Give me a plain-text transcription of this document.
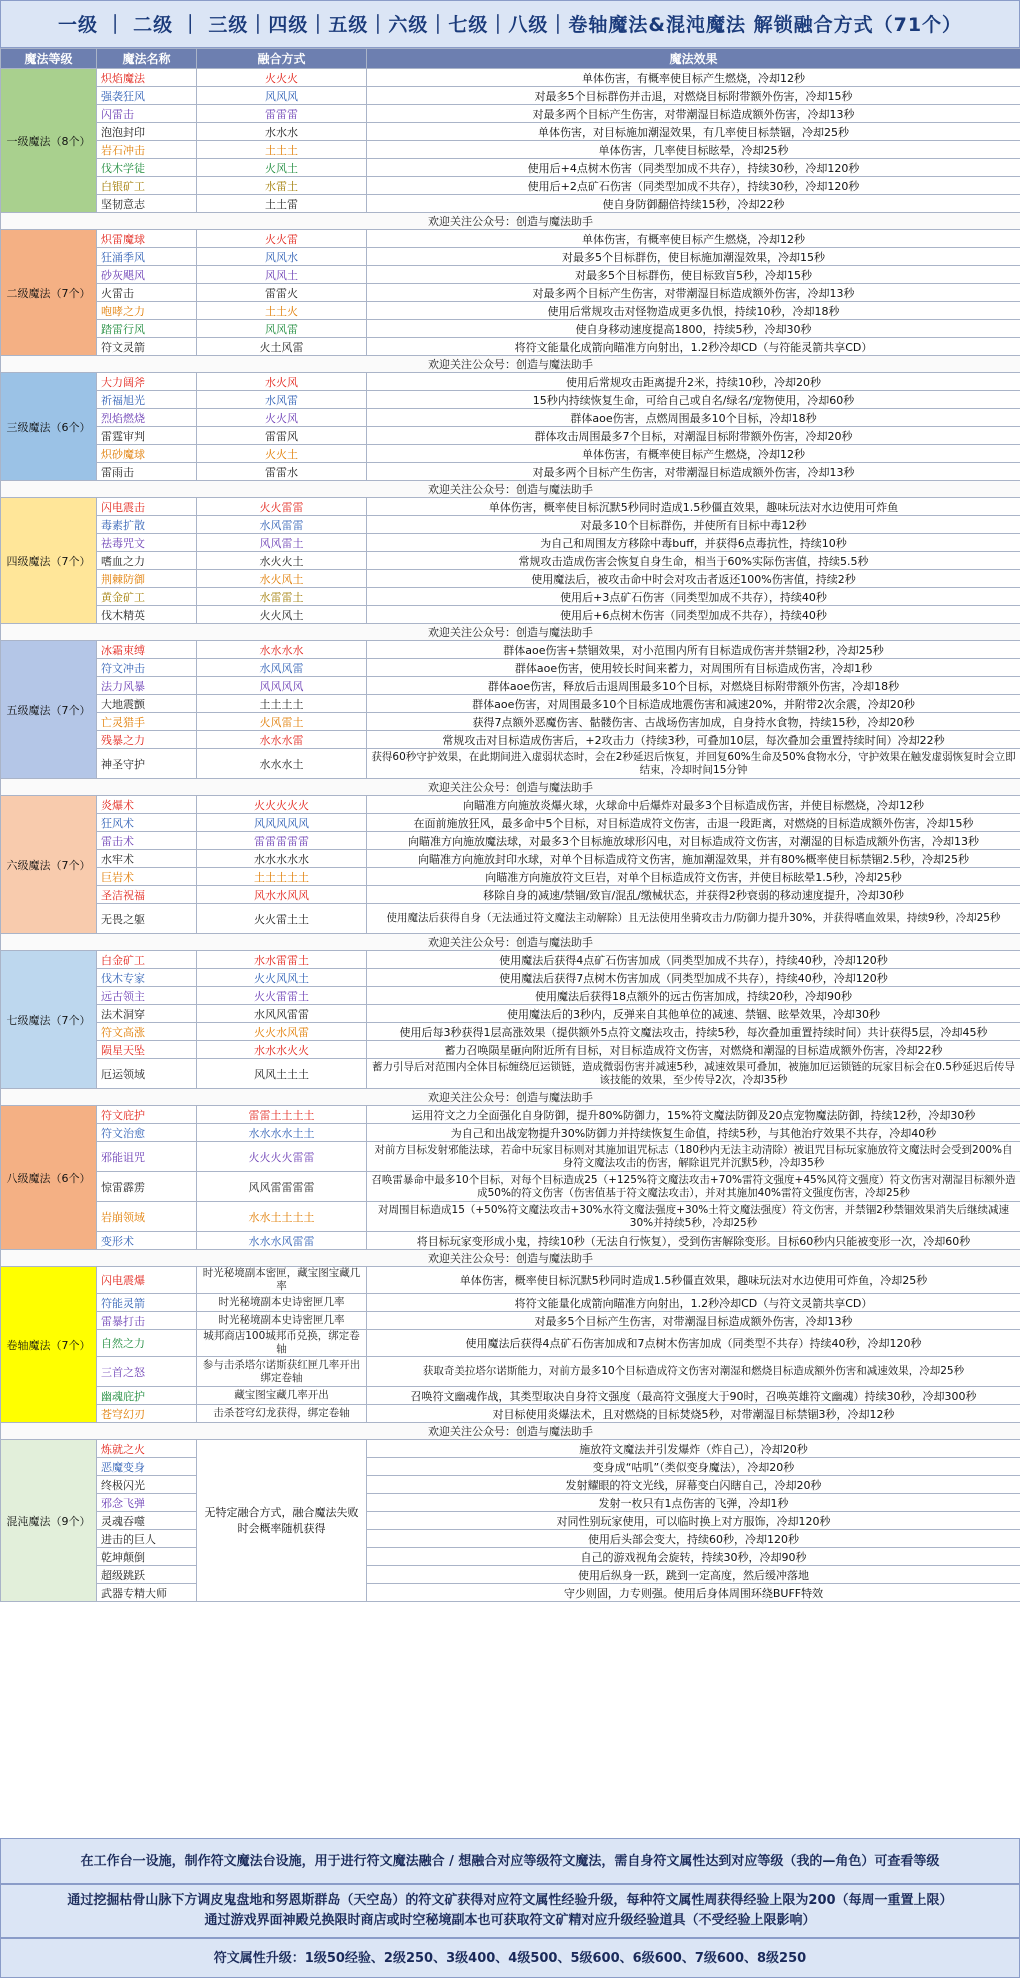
一级 ｜ 二级 ｜ 三级｜四级｜五级｜六级｜七级｜八级｜卷轴魔法&混沌魔法 解锁融合方式（71个）
魔法等级	魔法名称	融合方式	魔法效果
一级魔法（8个）	炽焰魔法	火火火	单体伤害，有概率使目标产生燃烧，冷却12秒
	强袭狂风	风风风	对最多5个目标群伤并击退，对燃烧目标附带额外伤害，冷却15秒
	闪雷击	雷雷雷	对最多两个目标产生伤害，对带潮湿目标造成额外伤害，冷却13秒
	泡泡封印	水水水	单体伤害，对目标施加潮湿效果，有几率使目标禁锢，冷却25秒
	岩石冲击	土土土	单体伤害，几率使目标眩晕，冷却25秒
	伐木学徒	火风土	使用后+4点树木伤害（同类型加成不共存），持续30秒，冷却120秒
	白银矿工	水雷土	使用后+2点矿石伤害（同类型加成不共存），持续30秒，冷却120秒
	坚韧意志	土土雷	使自身防御翻倍持续15秒，冷却22秒
欢迎关注公众号：创造与魔法助手			
二级魔法（7个）	炽雷魔球	火火雷	单体伤害，有概率使目标产生燃烧，冷却12秒
	狂涌季风	风风水	对最多5个目标群伤，使目标施加潮湿效果，冷却15秒
	砂灰飓风	风风土	对最多5个目标群伤，使目标致盲5秒，冷却15秒
	火雷击	雷雷火	对最多两个目标产生伤害，对带潮湿目标造成额外伤害，冷却13秒
	咆哮之力	土土火	使用后常规攻击对怪物造成更多仇恨，持续10秒，冷却18秒
	踏雷行风	风风雷	使自身移动速度提高1800，持续5秒，冷却30秒
	符文灵箭	火土风雷	将符文能量化成箭向瞄准方向射出，1.2秒冷却CD（与符能灵箭共享CD）
欢迎关注公众号：创造与魔法助手			
三级魔法（6个）	大力阔斧	水火风	使用后常规攻击距离提升2米，持续10秒，冷却20秒
	祈福旭光	水风雷	15秒内持续恢复生命，可给自己或自名/绿名/宠物使用，冷却60秒
	烈焰燃烧	火火风	群体aoe伤害，点燃周围最多10个目标，冷却18秒
	雷霆审判	雷雷风	群体攻击周围最多7个目标，对潮湿目标附带额外伤害，冷却20秒
	炽砂魔球	火火土	单体伤害，有概率使目标产生燃烧，冷却12秒
	雷雨击	雷雷水	对最多两个目标产生伤害，对带潮湿目标造成额外伤害，冷却13秒
欢迎关注公众号：创造与魔法助手			
四级魔法（7个）	闪电震击	火火雷雷	单体伤害，概率使目标沉默5秒同时造成1.5秒僵直效果，趣味玩法对水边使用可炸鱼
	毒素扩散	水风雷雷	对最多10个目标群伤，并使所有目标中毒12秒
	祛毒咒文	风风雷土	为自己和周围友方移除中毒buff，并获得6点毒抗性，持续10秒
	嗜血之力	水火火土	常规攻击造成伤害会恢复自身生命，相当于60%实际伤害值，持续5.5秒
	荆棘防御	水火风土	使用魔法后，被攻击命中时会对攻击者返还100%伤害值，持续2秒
	黄金矿工	水雷雷土	使用后+3点矿石伤害（同类型加成不共存），持续40秒
	伐木精英	火火风土	使用后+6点树木伤害（同类型加成不共存），持续40秒
欢迎关注公众号：创造与魔法助手			
五级魔法（7个）	冰霜束缚	水水水水	群体aoe伤害+禁锢效果，对小范围内所有目标造成伤害并禁锢2秒，冷却25秒
	符文冲击	水风风雷	群体aoe伤害，使用较长时间来蓄力，对周围所有目标造成伤害，冷却1秒
	法力风暴	风风风风	群体aoe伤害，释放后击退周围最多10个目标，对燃烧目标附带额外伤害，冷却18秒
	大地震颤	土土土土	群体aoe伤害，对周围最多10个目标造成地震伤害和减速20%，并附带2次余震，冷却20秒
	亡灵猎手	火风雷土	获得7点额外恶魔伤害、骷髅伤害、古战场伤害加成，自身持水食物，持续15秒，冷却20秒
	残暴之力	水水水雷	常规攻击对目标造成伤害后，+2攻击力（持续3秒，可叠加10层，每次叠加会重置持续时间）冷却22秒
	神圣守护	水水水土	获得60秒守护效果，在此期间进入虚弱状态时，会在2秒延迟后恢复，并回复60%生命及50%食物水分，守护效果在触发虚弱恢复时会立即结束，冷却时间15分钟
欢迎关注公众号：创造与魔法助手			
六级魔法（7个）	炎爆术	火火火火火	向瞄准方向施放炎爆火球，火球命中后爆炸对最多3个目标造成伤害，并使目标燃烧，冷却12秒
	狂风术	风风风风风	在面前施放狂风，最多命中5个目标，对目标造成符文伤害，击退一段距离，对燃烧的目标造成额外伤害，冷却15秒
	雷击术	雷雷雷雷雷	向瞄准方向施放魔法球，对最多3个目标施放球形闪电，对目标造成符文伤害，对潮湿的目标造成额外伤害，冷却13秒
	水牢术	水水水水水	向瞄准方向施放封印水球，对单个目标造成符文伤害，施加潮湿效果，并有80%概率使目标禁锢2.5秒，冷却25秒
	巨岩术	土土土土土	向瞄准方向施放符文巨岩，对单个目标造成符文伤害，并使目标眩晕1.5秒，冷却25秒
	圣洁祝福	风水水风风	移除自身的减速/禁锢/致盲/混乱/缴械状态，并获得2秒衰弱的移动速度提升，冷却30秒
	无畏之躯	火火雷土土	使用魔法后获得自身（无法通过符文魔法主动解除）且无法使用坐骑攻击力/防御力提升30%，并获得嗜血效果，持续9秒，冷却25秒
欢迎关注公众号：创造与魔法助手			
七级魔法（7个）	白金矿工	水水雷雷土	使用魔法后获得4点矿石伤害加成（同类型加成不共存），持续40秒，冷却120秒
	伐木专家	火火风风土	使用魔法后获得7点树木伤害加成（同类型加成不共存），持续40秒，冷却120秒
	远古领主	火火雷雷土	使用魔法后获得18点额外的远古伤害加成，持续20秒，冷却90秒
	法术洞穿	水风风雷雷	使用魔法后的3秒内，反弹来自其他单位的减速、禁锢、眩晕效果，冷却30秒
	符文高涨	火火水风雷	使用后每3秒获得1层高涨效果（提供额外5点符文魔法攻击，持续5秒，每次叠加重置持续时间）共计获得5层，冷却45秒
	陨星天坠	水水水火火	蓄力召唤陨星砸向附近所有目标，对目标造成符文伤害，对燃烧和潮湿的目标造成额外伤害，冷却22秒
	厄运领域	风风土土土	蓄力引导后对范围内全体目标缠绕厄运锁链，造成微弱伤害并减速5秒，减速效果可叠加，被施加厄运锁链的玩家目标会在0.5秒延迟后传导该技能的效果，至少传导2次，冷却35秒
欢迎关注公众号：创造与魔法助手			
八级魔法（6个）	符文庇护	雷雷土土土土	运用符文之力全面强化自身防御，提升80%防御力，15%符文魔法防御及20点宠物魔法防御，持续12秒，冷却30秒
	符文治愈	水水水水土土	为自己和出战宠物提升30%防御力并持续恢复生命值，持续5秒，与其他治疗效果不共存，冷却40秒
	邪能诅咒	火火火火雷雷	对前方目标发射邪能法球，若命中玩家目标则对其施加诅咒标志（180秒内无法主动清除）被诅咒目标玩家施放符文魔法时会受到200%自身符文魔法攻击的伤害，解除诅咒并沉默5秒，冷却35秒
	惊雷霹雳	风风雷雷雷雷	召唤雷暴命中最多10个目标，对每个目标造成25（+125%符文魔法攻击+70%雷符文强度+45%风符文强度）符文伤害对潮湿目标额外造成50%的符文伤害（伤害值基于符文魔法攻击），并对其施加40%雷符文强度伤害，冷却25秒
	岩崩领域	水水土土土土	对周围目标造成15（+50%符文魔法攻击+30%水符文魔法强度+30%土符文魔法强度）符文伤害，并禁锢2秒禁锢效果消失后继续减速30%并持续5秒，冷却25秒
	变形术	水水水风雷雷	将目标玩家变形成小鬼，持续10秒（无法自行恢复），受到伤害解除变形。目标60秒内只能被变形一次，冷却60秒
欢迎关注公众号：创造与魔法助手			
卷轴魔法（7个）	闪电震爆	时光秘境副本密匣，藏宝图宝藏几率	单体伤害，概率使目标沉默5秒同时造成1.5秒僵直效果，趣味玩法对水边使用可炸鱼，冷却25秒
	符能灵箭	时光秘境副本史诗密匣几率	将符文能量化成箭向瞄准方向射出，1.2秒冷却CD（与符文灵箭共享CD）
	雷暴打击	时光秘境副本史诗密匣几率	对最多5个目标产生伤害，对带潮湿目标造成额外伤害，冷却13秒
	自然之力	城邦商店100城邦币兑换，绑定卷轴	使用魔法后获得4点矿石伤害加成和7点树木伤害加成（同类型不共存）持续40秒，冷却120秒
	三首之怒	参与击杀塔尔诺斯获红匣几率开出绑定卷轴	获取奇美拉塔尔诺斯能力，对前方最多10个目标造成符文伤害对潮湿和燃烧目标造成额外伤害和减速效果，冷却25秒
	幽魂庇护	藏宝图宝藏几率开出	召唤符文幽魂作战，其类型取决自身符文强度（最高符文强度大于90时，召唤英雄符文幽魂）持续30秒，冷却300秒
	苍穹幻刃	击杀苍穹幻龙获得，绑定卷轴	对目标使用炎爆法术，且对燃烧的目标焚烧5秒，对带潮湿目标禁锢3秒，冷却12秒
欢迎关注公众号：创造与魔法助手			
混沌魔法（9个）	炼就之火	无特定融合方式，融合魔法失败时会概率随机获得	施放符文魔法并引发爆炸（炸自己），冷却20秒
	恶魔变身		变身成“咕叽”（类似变身魔法），冷却20秒
	终极闪光		发射耀眼的符文光线，屏幕变白闪瞎自己，冷却20秒
	邪念飞弹		发射一枚只有1点伤害的飞弹，冷却1秒
	灵魂吞噬		对同性别玩家使用，可以临时换上对方服饰，冷却120秒
	进击的巨人		使用后头部会变大，持续60秒，冷却120秒
	乾坤颠倒		自己的游戏视角会旋转，持续30秒，冷却90秒
	超级跳跃		使用后纵身一跃，跳到一定高度，然后缓冲落地
	武器专精大师		守少则固，力专则强。使用后身体周围环绕BUFF特效
在工作台一设施，制作符文魔法台设施，用于进行符文魔法融合 / 想融合对应等级符文魔法，需自身符文属性达到对应等级（我的—角色）可查看等级
通过挖掘枯骨山脉下方调皮鬼盘地和努恩斯群岛（天空岛）的符文矿获得对应符文属性经验升级，每种符文属性周获得经验上限为200（每周一重置上限）
通过游戏界面神殿兑换限时商店或时空秘境副本也可获取符文矿精对应升级经验道具（不受经验上限影响）
符文属性升级：1级50经验、2级250、3级400、4级500、5级600、6级600、7级600、8级250
